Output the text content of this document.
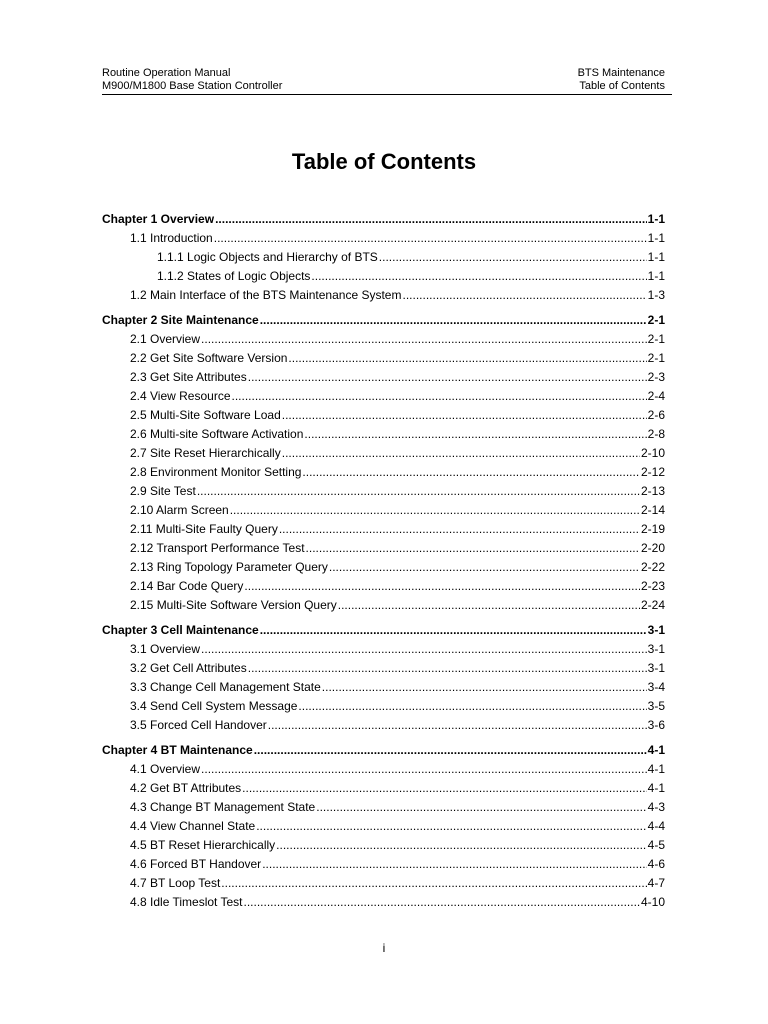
Routine Operation Manual
M900/M1800 Base Station Controller
BTS Maintenance
Table of Contents
Table of Contents
Chapter 1 Overview .....	1-1
1.1 Introduction .....	1-1
1.1.1 Logic Objects and Hierarchy of BTS .....	1-1
1.1.2 States of Logic Objects .....	1-1
1.2 Main Interface of the BTS Maintenance System .....	1-3
Chapter 2 Site Maintenance .....	2-1
2.1 Overview .....	2-1
2.2 Get Site Software Version .....	2-1
2.3 Get Site Attributes .....	2-3
2.4 View Resource .....	2-4
2.5 Multi-Site Software Load .....	2-6
2.6 Multi-site Software Activation .....	2-8
2.7 Site Reset Hierarchically .....	2-10
2.8 Environment Monitor Setting .....	2-12
2.9 Site Test .....	2-13
2.10 Alarm Screen .....	2-14
2.11 Multi-Site Faulty Query .....	2-19
2.12 Transport Performance Test .....	2-20
2.13 Ring Topology Parameter Query .....	2-22
2.14 Bar Code Query .....	2-23
2.15 Multi-Site Software Version Query .....	2-24
Chapter 3 Cell Maintenance .....	3-1
3.1 Overview .....	3-1
3.2 Get Cell Attributes .....	3-1
3.3 Change Cell Management State .....	3-4
3.4 Send Cell System Message .....	3-5
3.5 Forced Cell Handover .....	3-6
Chapter 4 BT Maintenance .....	4-1
4.1 Overview .....	4-1
4.2 Get BT Attributes .....	4-1
4.3 Change BT Management State .....	4-3
4.4 View Channel State .....	4-4
4.5 BT Reset Hierarchically .....	4-5
4.6 Forced BT Handover .....	4-6
4.7 BT Loop Test .....	4-7
4.8 Idle Timeslot Test .....	4-10
i
